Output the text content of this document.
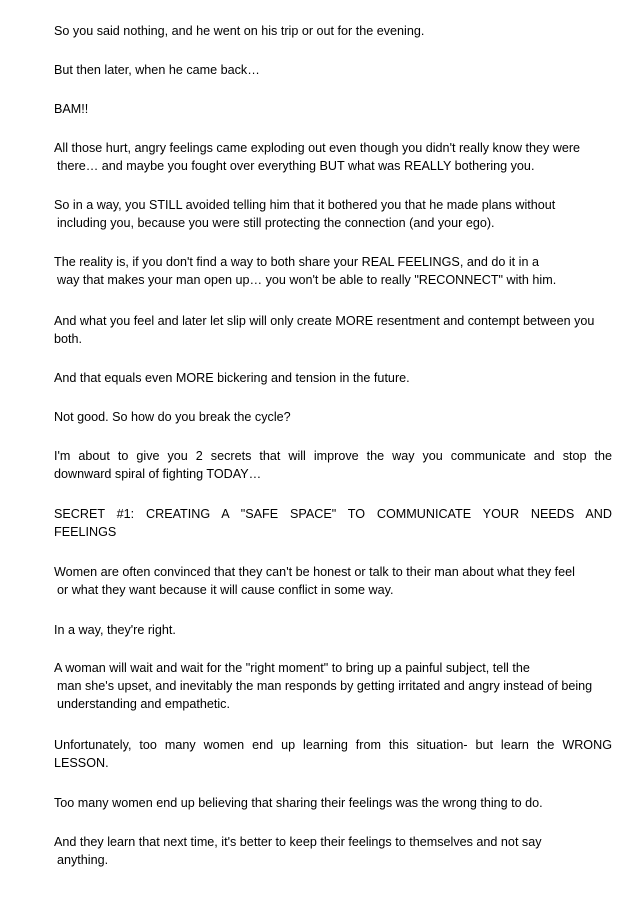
So you said nothing, and he went on his trip or out for the evening.

But then later, when he came back…

BAM!!

All those hurt, angry feelings came exploding out even though you didn't really know they were

there… and maybe you fought over everything BUT what was REALLY bothering you.

So in a way, you STILL avoided telling him that it bothered you that he made plans without

including you, because you were still protecting the connection (and your ego).

The reality is, if you don't find a way to both share your REAL FEELINGS, and do it in a

way that makes your man open up… you won't be able to really "RECONNECT" with him.

And what you feel and later let slip will only create MORE resentment and contempt between you

both.

And that equals even MORE bickering and tension in the future.

Not good. So how do you break the cycle?

I'm about to give you 2 secrets that will improve the way you communicate and stop the

downward spiral of fighting TODAY…

SECRET #1: CREATING A "SAFE SPACE" TO COMMUNICATE YOUR NEEDS AND

FEELINGS

Women are often convinced that they can't be honest or talk to their man about what they feel

or what they want because it will cause conflict in some way.

In a way, they're right.

A woman will wait and wait for the "right moment" to bring up a painful subject, tell the

man she's upset, and inevitably the man responds by getting irritated and angry instead of being

understanding and empathetic.

Unfortunately, too many women end up learning from this situation- but learn the WRONG

LESSON.

Too many women end up believing that sharing their feelings was the wrong thing to do.

And they learn that next time, it's better to keep their feelings to themselves and not say

anything.
